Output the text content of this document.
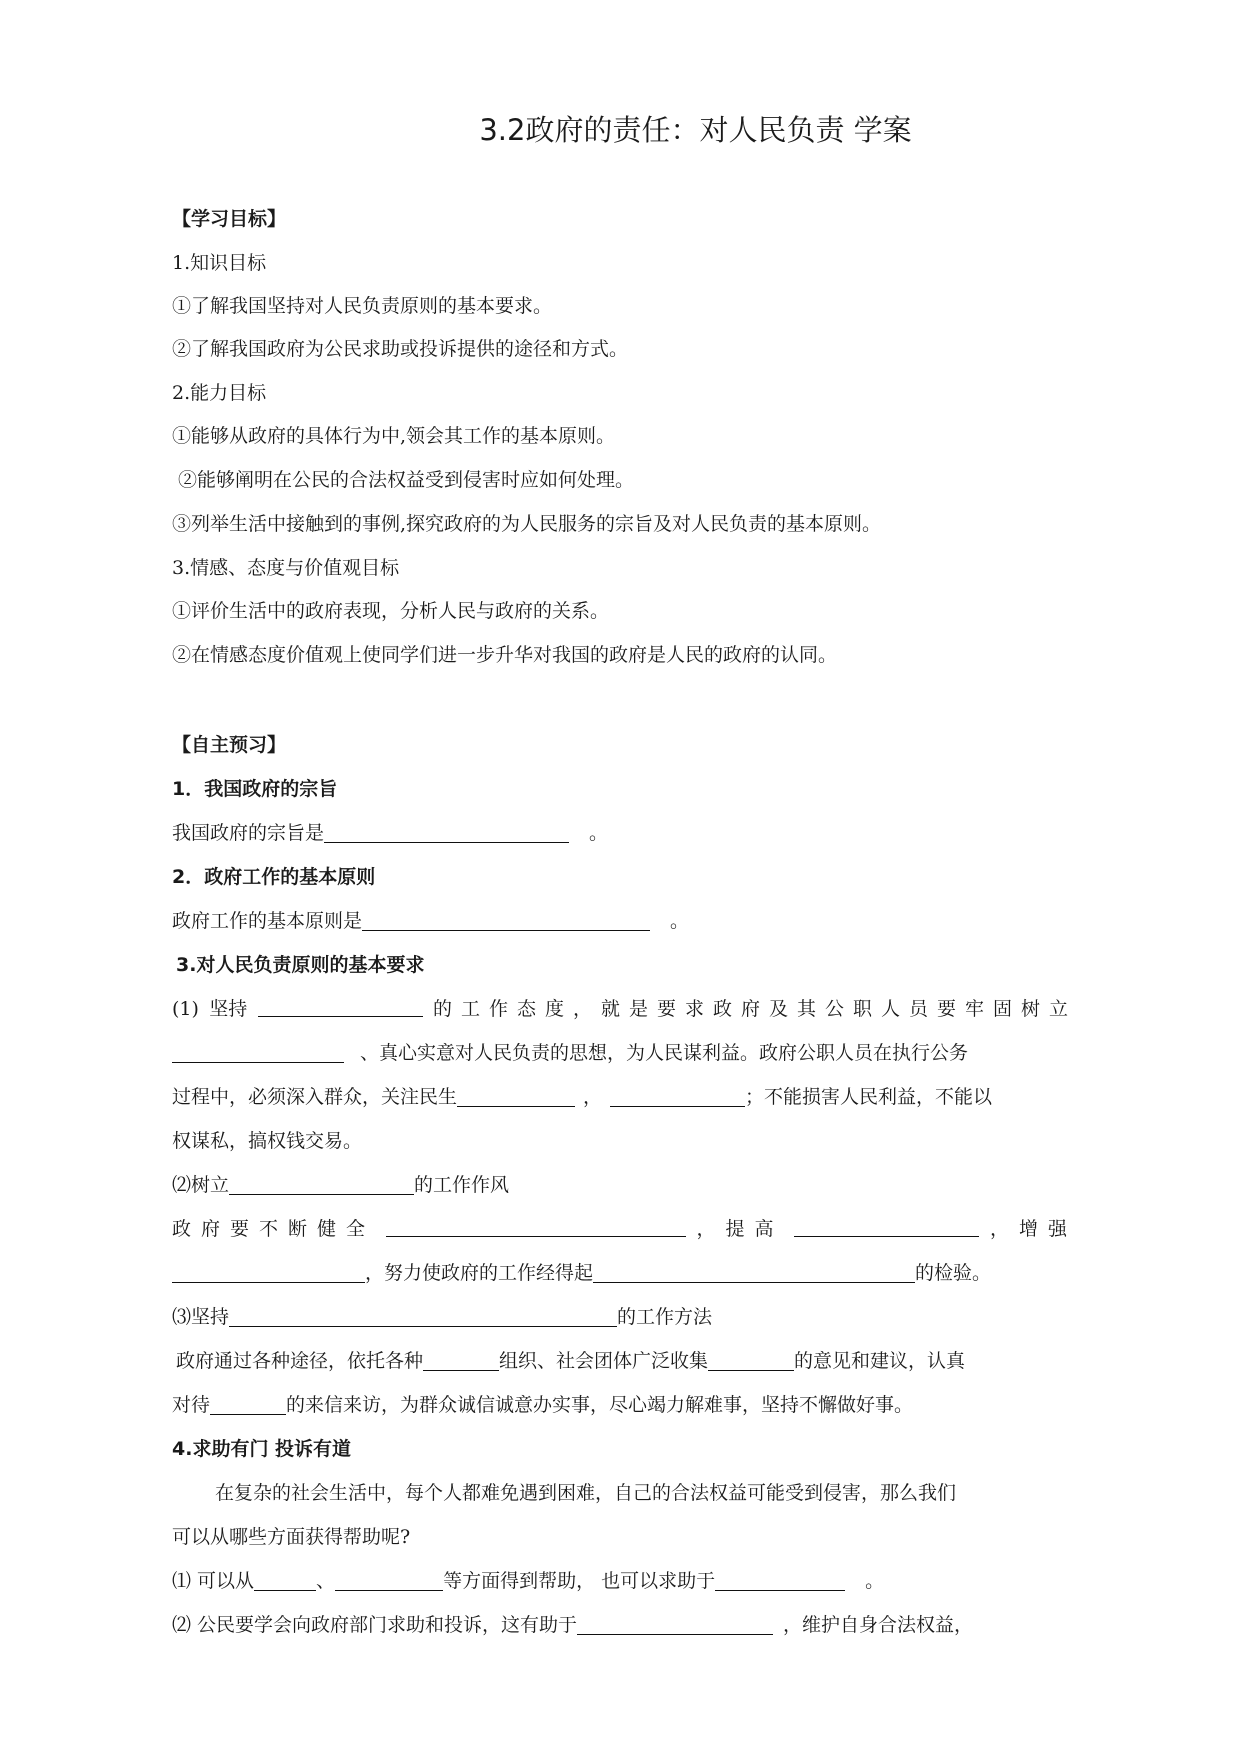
3.2政府的责任：对人民负责 学案
【学习目标】
1.知识目标
①了解我国坚持对人民负责原则的基本要求。
②了解我国政府为公民求助或投诉提供的途径和方式。
2.能力目标
①能够从政府的具体行为中,领会其工作的基本原则。
②能够阐明在公民的合法权益受到侵害时应如何处理。
③列举生活中接触到的事例,探究政府的为人民服务的宗旨及对人民负责的基本原则。
3.情感、态度与价值观目标
①评价生活中的政府表现，分析人民与政府的关系。
②在情感态度价值观上使同学们进一步升华对我国的政府是人民的政府的认同。
【自主预习】
1．我国政府的宗旨
我国政府的宗旨是	。
2．政府工作的基本原则
政府工作的基本原则是	。
3.对人民负责原则的基本要求
(1) 坚持	的工作态度，就是要求政府及其公职人员要牢固树立
、真心实意对人民负责的思想，为人民谋利益。政府公职人员在执行公务
过程中，必须深入群众，关注民生	，	；不能损害人民利益，不能以
权谋私，搞权钱交易。
⑵树立	的工作作风
政府要不断健全	，提高	，增强
，努力使政府的工作经得起	的检验。
⑶坚持	的工作方法
政府通过各种途径，依托各种	组织、社会团体广泛收集	的意见和建议，认真
对待	的来信来访，为群众诚信诚意办实事，尽心竭力解难事，坚持不懈做好事。
4.求助有门 投诉有道
在复杂的社会生活中，每个人都难免遇到困难，自己的合法权益可能受到侵害，那么我们
可以从哪些方面获得帮助呢?
⑴ 可以从	、	等方面得到帮助， 也可以求助于	。
⑵ 公民要学会向政府部门求助和投诉，这有助于	，维护自身合法权益，
